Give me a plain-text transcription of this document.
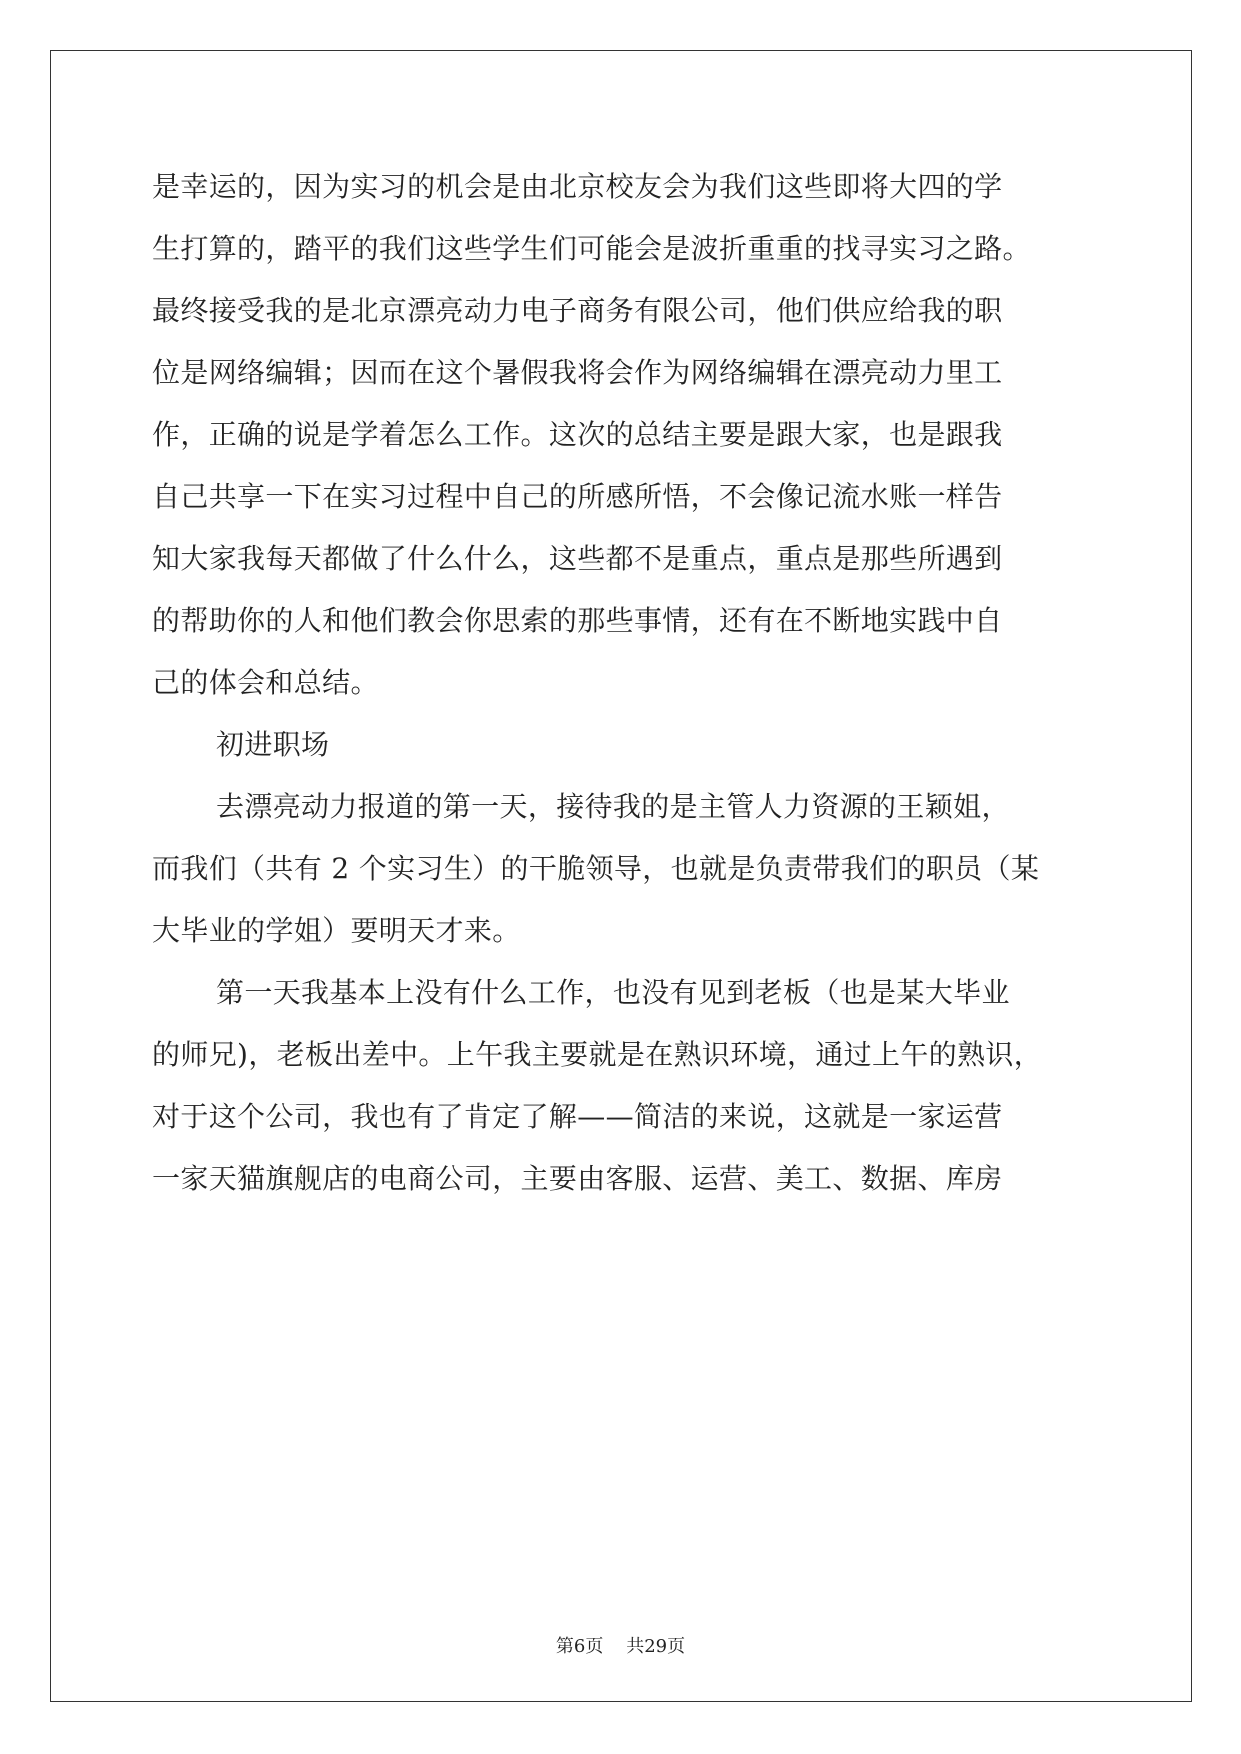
是幸运的，因为实习的机会是由北京校友会为我们这些即将大四的学
生打算的，踏平的我们这些学生们可能会是波折重重的找寻实习之路。
最终接受我的是北京漂亮动力电子商务有限公司，他们供应给我的职
位是网络编辑；因而在这个暑假我将会作为网络编辑在漂亮动力里工
作，正确的说是学着怎么工作。这次的总结主要是跟大家，也是跟我
自己共享一下在实习过程中自己的所感所悟，不会像记流水账一样告
知大家我每天都做了什么什么，这些都不是重点，重点是那些所遇到
的帮助你的人和他们教会你思索的那些事情，还有在不断地实践中自
己的体会和总结。
初进职场
去漂亮动力报道的第一天，接待我的是主管人力资源的王颖姐，
而我们（共有 2 个实习生）的干脆领导，也就是负责带我们的职员（某
大毕业的学姐）要明天才来。
第一天我基本上没有什么工作，也没有见到老板（也是某大毕业
的师兄)，老板出差中。上午我主要就是在熟识环境，通过上午的熟识，
对于这个公司，我也有了肯定了解——简洁的来说，这就是一家运营
一家天猫旗舰店的电商公司，主要由客服、运营、美工、数据、库房
第6页 共29页
